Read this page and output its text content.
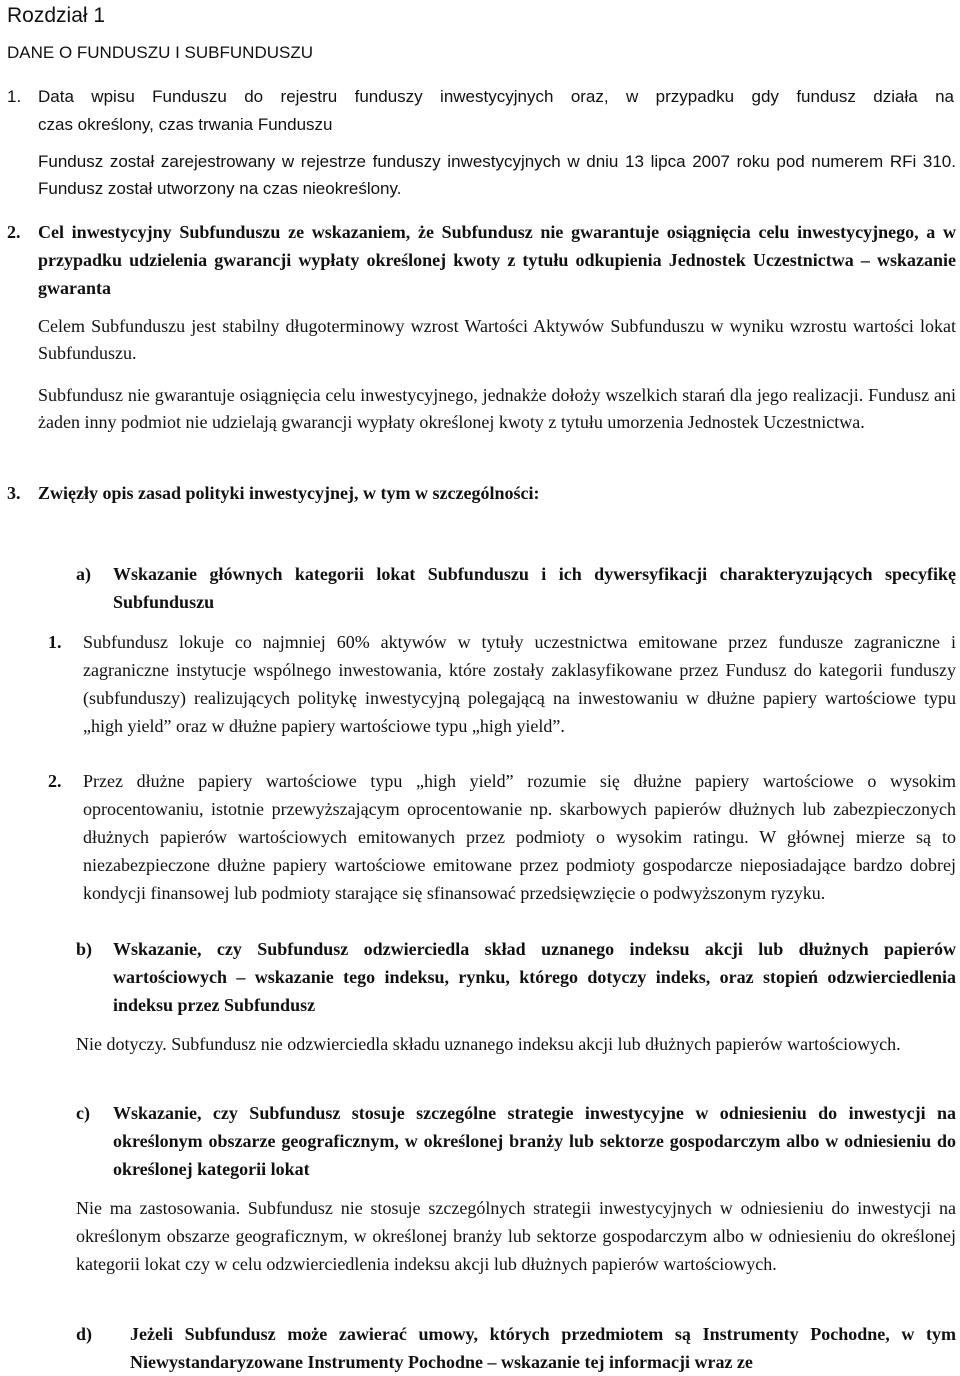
Rozdział 1
DANE O FUNDUSZU I SUBFUNDUSZU
1. Data wpisu Funduszu do rejestru funduszy inwestycyjnych oraz, w przypadku gdy fundusz działa na
czas określony, czas trwania Funduszu

Fundusz został zarejestrowany w rejestrze funduszy inwestycyjnych w dniu 13 lipca 2007 roku pod numerem RFi 310. Fundusz został utworzony na czas nieokreślony.

2. Cel inwestycyjny Subfunduszu ze wskazaniem, że Subfundusz nie gwarantuje osiągnięcia celu inwestycyjnego, a w przypadku udzielenia gwarancji wypłaty określonej kwoty z tytułu odkupienia Jednostek Uczestnictwa – wskazanie gwaranta

Celem Subfunduszu jest stabilny długoterminowy wzrost Wartości Aktywów Subfunduszu w wyniku wzrostu wartości lokat Subfunduszu.

Subfundusz nie gwarantuje osiągnięcia celu inwestycyjnego, jednakże dołoży wszelkich starań dla jego realizacji. Fundusz ani żaden inny podmiot nie udzielają gwarancji wypłaty określonej kwoty z tytułu umorzenia Jednostek Uczestnictwa.

3. Zwięzły opis zasad polityki inwestycyjnej, w tym w szczególności:

a) Wskazanie głównych kategorii lokat Subfunduszu i ich dywersyfikacji charakteryzujących specyfikę Subfunduszu

1. Subfundusz lokuje co najmniej 60% aktywów w tytuły uczestnictwa emitowane przez fundusze zagraniczne i zagraniczne instytucje wspólnego inwestowania, które zostały zaklasyfikowane przez Fundusz do kategorii funduszy (subfunduszy) realizujących politykę inwestycyjną polegającą na inwestowaniu w dłużne papiery wartościowe typu „high yield” oraz w dłużne papiery wartościowe typu „high yield”.

2. Przez dłużne papiery wartościowe typu „high yield” rozumie się dłużne papiery wartościowe o wysokim oprocentowaniu, istotnie przewyższającym oprocentowanie np. skarbowych papierów dłużnych lub zabezpieczonych dłużnych papierów wartościowych emitowanych przez podmioty o wysokim ratingu. W głównej mierze są to niezabezpieczone dłużne papiery wartościowe emitowane przez podmioty gospodarcze nieposiadające bardzo dobrej kondycji finansowej lub podmioty starające się sfinansować przedsięwzięcie o podwyższonym ryzyku.

b) Wskazanie, czy Subfundusz odzwierciedla skład uznanego indeksu akcji lub dłużnych papierów wartościowych – wskazanie tego indeksu, rynku, którego dotyczy indeks, oraz stopień odzwierciedlenia indeksu przez Subfundusz

Nie dotyczy. Subfundusz nie odzwierciedla składu uznanego indeksu akcji lub dłużnych papierów wartościowych.

c) Wskazanie, czy Subfundusz stosuje szczególne strategie inwestycyjne w odniesieniu do inwestycji na określonym obszarze geograficznym, w określonej branży lub sektorze gospodarczym albo w odniesieniu do określonej kategorii lokat

Nie ma zastosowania. Subfundusz nie stosuje szczególnych strategii inwestycyjnych w odniesieniu do inwestycji na określonym obszarze geograficznym, w określonej branży lub sektorze gospodarczym albo w odniesieniu do określonej kategorii lokat czy w celu odzwierciedlenia indeksu akcji lub dłużnych papierów wartościowych.

d) Jeżeli Subfundusz może zawierać umowy, których przedmiotem są Instrumenty Pochodne, w tym Niewystandaryzowane Instrumenty Pochodne – wskazanie tej informacji wraz ze
